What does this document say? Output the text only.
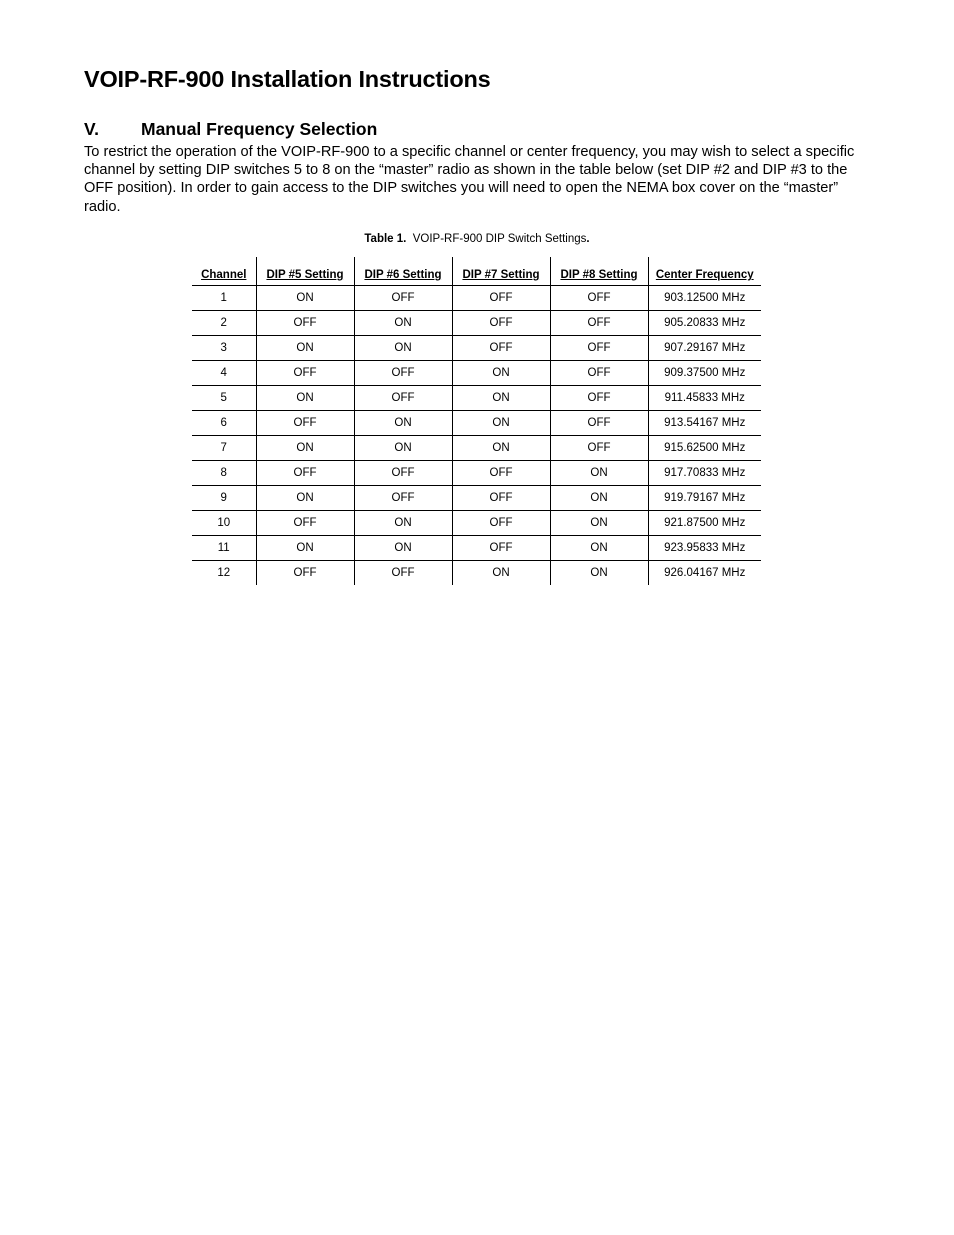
VOIP-RF-900 Installation Instructions
V. Manual Frequency Selection

To restrict the operation of the VOIP-RF-900 to a specific channel or center frequency, you may wish to select a specific channel by setting DIP switches 5 to 8 on the “master” radio as shown in the table below (set DIP #2 and DIP #3 to the OFF position). In order to gain access to the DIP switches you will need to open the NEMA box cover on the “master” radio.

Table 1. VOIP-RF-900 DIP Switch Settings.
Channel	DIP #5 Setting	DIP #6 Setting	DIP #7 Setting	DIP #8 Setting	Center Frequency
1	ON	OFF	OFF	OFF	903.12500 MHz
2	OFF	ON	OFF	OFF	905.20833 MHz
3	ON	ON	OFF	OFF	907.29167 MHz
4	OFF	OFF	ON	OFF	909.37500 MHz
5	ON	OFF	ON	OFF	911.45833 MHz
6	OFF	ON	ON	OFF	913.54167 MHz
7	ON	ON	ON	OFF	915.62500 MHz
8	OFF	OFF	OFF	ON	917.70833 MHz
9	ON	OFF	OFF	ON	919.79167 MHz
10	OFF	ON	OFF	ON	921.87500 MHz
11	ON	ON	OFF	ON	923.95833 MHz
12	OFF	OFF	ON	ON	926.04167 MHz
